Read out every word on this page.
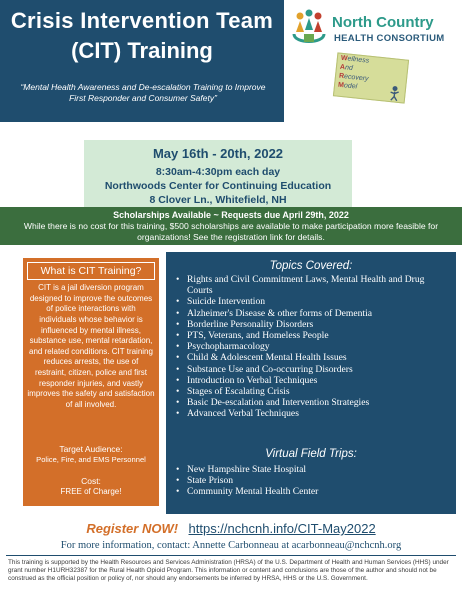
Crisis Intervention Team
(CIT) Training
“Mental Health Awareness and De-escalation Training to Improve First Responder and Consumer Safety”
North Country
HEALTH CONSORTIUM
Wellness
And
Recovery
Model
May 16th - 20th, 2022
8:30am-4:30pm each day
Northwoods Center for Continuing Education
8 Clover Ln., Whitefield, NH
Scholarships Available ~ Requests due April 29th, 2022
While there is no cost for this training, $500 scholarships are available to make participation more feasible for organizations! See the registration link for details.
What is CIT Training?
CIT is a jail diversion program designed to improve the outcomes of police interactions with individuals whose behavior is influenced by mental illness, substance use, mental retardation, and related conditions. CIT training reduces arrests, the use of restraint, citizen, police and first responder injuries, and vastly improves the safety and satisfaction of all involved.
Target Audience:
Police, Fire, and EMS Personnel
Cost:
FREE of Charge!
Topics Covered:
• Rights and Civil Commitment Laws, Mental Health and Drug Courts
• Suicide Intervention
• Alzheimer's Disease & other forms of Dementia
• Borderline Personality Disorders
• PTS, Veterans, and Homeless People
• Psychopharmacology
• Child & Adolescent Mental Health Issues
• Substance Use and Co-occurring Disorders
• Introduction to Verbal Techniques
• Stages of Escalating Crisis
• Basic De-escalation and Intervention Strategies
• Advanced Verbal Techniques
Virtual Field Trips:
• New Hampshire State Hospital
• State Prison
• Community Mental Health Center
Register NOW! https://nchcnh.info/CIT-May2022
For more information, contact: Annette Carbonneau at acarbonneau@nchcnh.org
This training is supported by the Health Resources and Services Administration (HRSA) of the U.S. Department of Health and Human Services (HHS) under grant number H1URH32387 for the Rural Health Opioid Program. This information or content and conclusions are those of the author and should not be construed as the official position or policy of, nor should any endorsements be inferred by HRSA, HHS or the U.S. Government.
